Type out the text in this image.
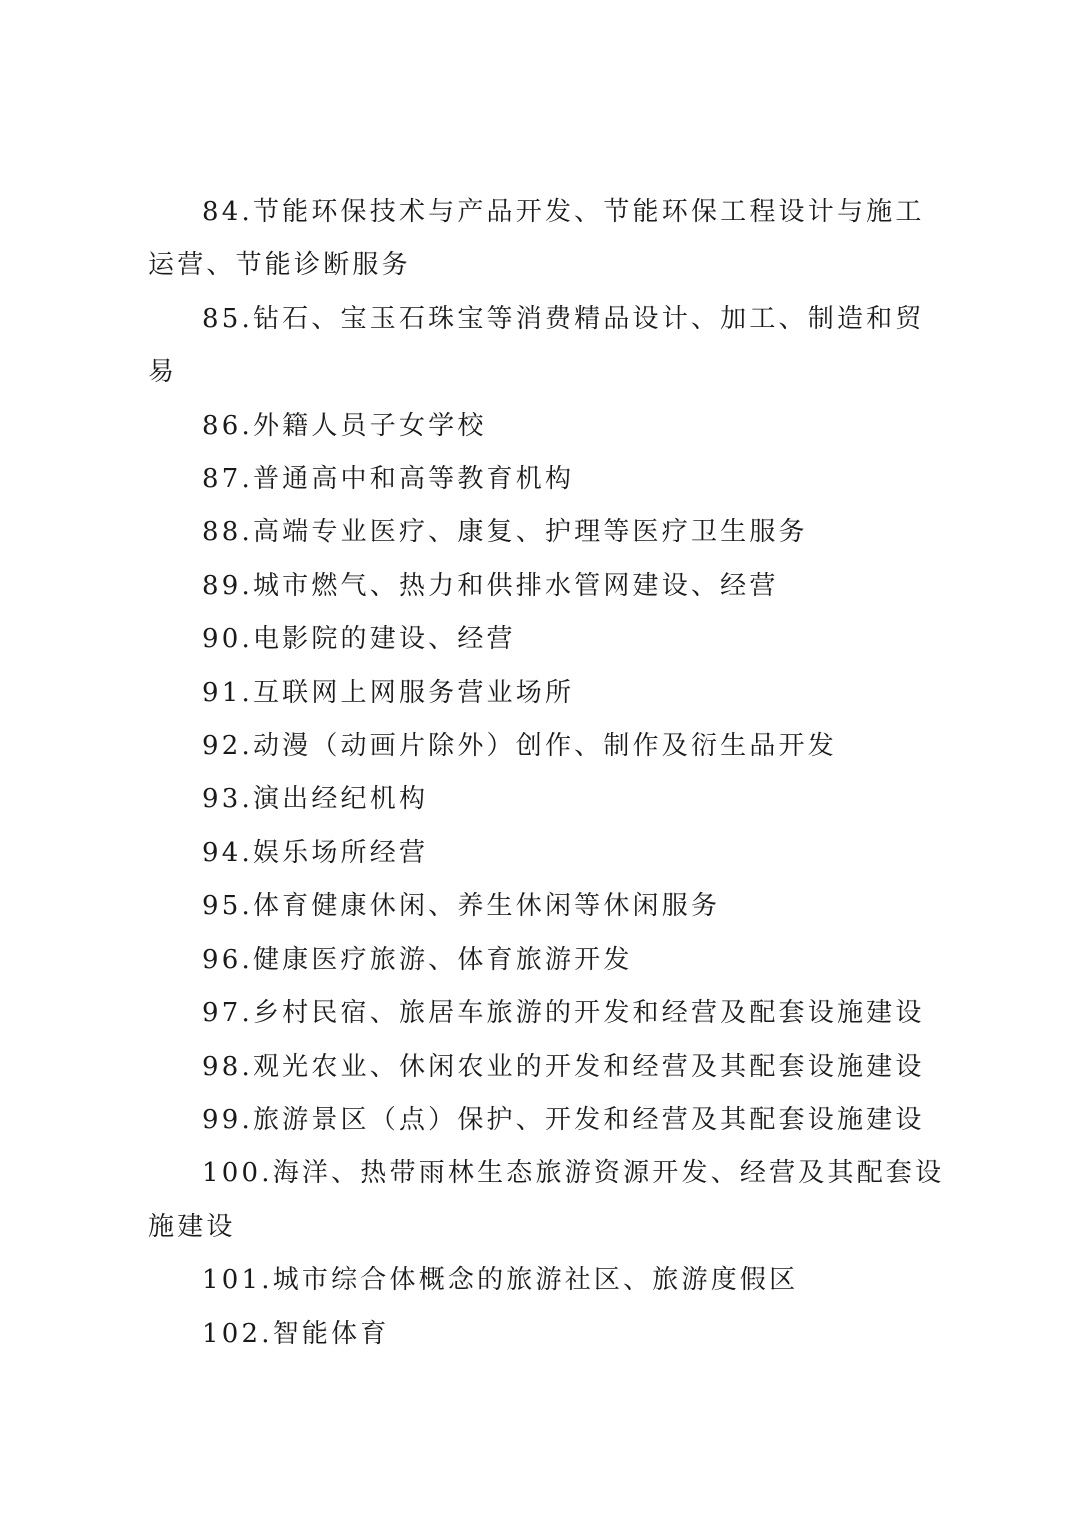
84.节能环保技术与产品开发、节能环保工程设计与施工运营、节能诊断服务

85.钻石、宝玉石珠宝等消费精品设计、加工、制造和贸易

86.外籍人员子女学校

87.普通高中和高等教育机构

88.高端专业医疗、康复、护理等医疗卫生服务

89.城市燃气、热力和供排水管网建设、经营

90.电影院的建设、经营

91.互联网上网服务营业场所

92.动漫（动画片除外）创作、制作及衍生品开发

93.演出经纪机构

94.娱乐场所经营

95.体育健康休闲、养生休闲等休闲服务

96.健康医疗旅游、体育旅游开发

97.乡村民宿、旅居车旅游的开发和经营及配套设施建设

98.观光农业、休闲农业的开发和经营及其配套设施建设

99.旅游景区（点）保护、开发和经营及其配套设施建设

100.海洋、热带雨林生态旅游资源开发、经营及其配套设施建设

101.城市综合体概念的旅游社区、旅游度假区

102.智能体育
